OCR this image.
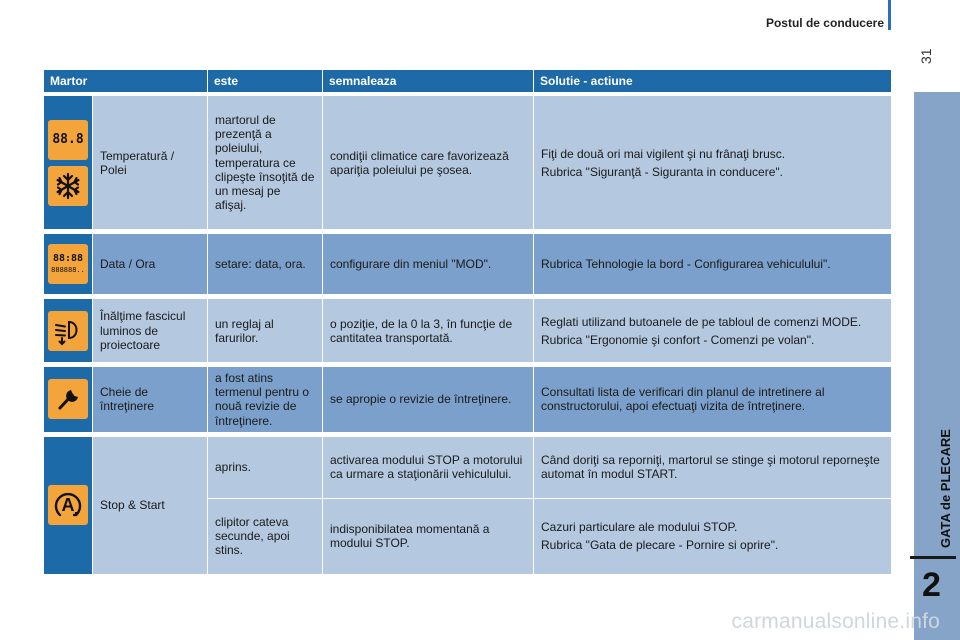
Postul de conducere
31
GATA de PLECARE
2
Martor		este	semnaleaza	Solutie - actiune

88.8	Temperatură / Polei	martorul de prezenţă a poleiului, temperatura ce clipeşte însoţită de un mesaj pe afişaj.	condiţii climatice care favorizează apariţia poleiului pe şosea.	Fiţi de două ori mai vigilent şi nu frânaţi brusc.

Rubrica "Siguranţă - Siguranta in conducere".

88:88
888888..	Data / Ora	setare: data, ora.	configurare din meniul "MOD".	Rubrica Tehnologie la bord - Configurarea vehiculului".

	Înălţime fascicul luminos de proiectoare	un reglaj al farurilor.	o poziţie, de la 0 la 3, în funcţie de cantitatea transportată.	Reglati utilizand butoanele de pe tabloul de comenzi MODE.

Rubrica "Ergonomie şi confort - Comenzi pe volan".

	Cheie de întreţinere	a fost atins termenul pentru o nouă revizie de întreţinere.	se apropie o revizie de întreţinere.	Consultati lista de verificari din planul de intretinere al constructorului, apoi efectuaţi vizita de întreţinere.

A	Stop & Start	aprins.	activarea modului STOP a motorului ca urmare a staţionării vehiculului.	Când doriţi sa reporniţi, martorul se stinge şi motorul reporneşte automat în modul START.

		clipitor cateva secunde, apoi stins.	indisponibilatea momentană a modului STOP.	Cazuri particulare ale modului STOP.

Rubrica "Gata de plecare - Pornire si oprire".

carmanualsonline.info
